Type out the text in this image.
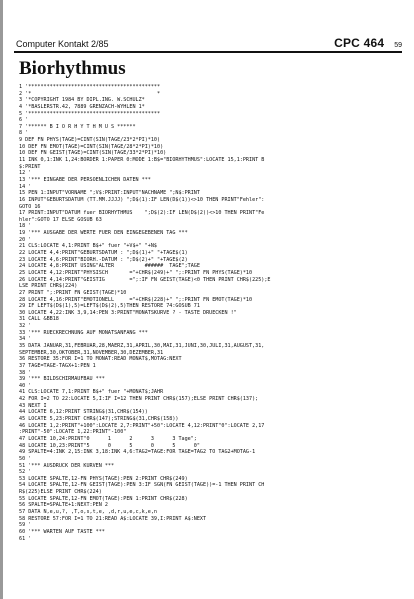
Computer Kontakt 2/85	CPC 464 59
Biorhythmus
1 '*******************************************
2 '*                                         *
3 '*COPYRIGHT 1984 BY DIPL.ING. W.SCHULZ*
4 '*BASLERSTR.42, 7889 GRENZACH-WYHLEN 1*
5 '*******************************************
6 '
7 '****** B I O R H Y T H M U S ******
8 '
9 DEF FN PHYS(TAGE)=CINT(SIN(TAGE/23*2*PI)*10)
10 DEF FN EMOT(TAGE)=CINT(SIN(TAGE/28*2*PI)*10)
10 DEF FN GEIST(TAGE)=CINT(SIN(TAGE/33*2*PI)*10)
11 INK 0,1:INK 1,24:BORDER 1:PAPER 0:MODE 1:B$="BIORHYTHMUS":LOCATE 15,1:PRINT B
$:PRINT
12 '
13 '*** EINGABE DER PERSOENLICHEN DATEN ***
14 '
15 PEN 1:INPUT"VORNAME ";V$:PRINT:INPUT"NACHNAME ";N$:PRINT
16 INPUT"GEBURTSDATUM (TT.MM.JJJJ) ";D$(1):IF LEN(D$(1))<>10 THEN PRINT"Fehler":
GOTO 16
17 PRINT:INPUT"DATUM fuer BIORHYTHMUS    ";D$(2):IF LEN(D$(2))<>10 THEN PRINT"Fe
hler":GOTO 17 ELSE GOSUB 63
18 '
19 '*** AUSGABE DER WERTE FUER DEN EINGEGEBENEN TAG ***
20 '
21 CLS:LOCATE 4,1:PRINT B$+" fuer "+V$+" "+N$
22 LOCATE 4,4:PRINT"GEBURTSDATUM : ";D$(1)+" "+TAGE$(1)
23 LOCATE 4,6:PRINT"BIORH.-DATUM : ";D$(2)+" "+TAGE$(2)
24 LOCATE 4,8:PRINT USING"ALTER          ######  TAGE";TAGE
25 LOCATE 4,12:PRINT"PHYSISCH       ="+CHR$(249)+" ";:PRINT FN PHYS(TAGE)*10
26 LOCATE 4,14:PRINT"GEISTIG        =";:IF FN GEIST(TAGE)<0 THEN PRINT CHR$(225);E
LSE PRINT CHR$(224)
27 PRINT ";:PRINT FN GEIST(TAGE)*10
28 LOCATE 4,16:PRINT"EMOTIONELL     ="+CHR$(228)+" ";:PRINT FN EMOT(TAGE)*10
29 IF LEFT$(D$(1),5)=LEFT$(D$(2),5)THEN RESTORE 74:GOSUB 71
30 LOCATE 4,22:INK 3,9,14:PEN 3:PRINT"MONATSKURVE ? - TASTE DRUECKEN !"
31 CALL &BB18
32 '
33 '*** RUECKRECHNUNG AUF MONATSANFANG ***
34 '
35 DATA JANUAR,31,FEBRUAR,28,MAERZ,31,APRIL,30,MAI,31,JUNI,30,JULI,31,AUGUST,31,
SEPTEMBER,30,OKTOBER,31,NOVEMBER,30,DEZEMBER,31
36 RESTORE 35:FOR I=1 TO MONAT:READ MONAT$,MOTAG:NEXT
37 TAGE=TAGE-TAGX+1:PEN 1
38 '
39 '*** BILDSCHIRMAUFBAU ***
40 '
41 CLS:LOCATE 7,1:PRINT B$+" fuer "+MONAT$;JAHR
42 FOR I=2 TO 22:LOCATE 5,I:IF I=12 THEN PRINT CHR$(157);ELSE PRINT CHR$(137);
43 NEXT I
44 LOCATE 6,12:PRINT STRING$(31,CHR$(154))
45 LOCATE 5,23:PRINT CHR$(147);STRING$(31,CHR$(158))
46 LOCATE 1,2:PRINT"+100":LOCATE 2,7:PRINT"+50":LOCATE 4,12:PRINT"0":LOCATE 2,17
:PRINT"-50":LOCATE 1,22:PRINT"-100"
47 LOCATE 10,24:PRINT"0      1      2      3      3 Tage";
48 LOCATE 10,23:PRINT"5      0      5      0      5      0"
49 SPALTE=4:INK 2,15:INK 3,18:INK 4,6:TAG2=TAGE:FOR TAGE=TAG2 TO TAG2+MOTAG-1
50 '
51 '*** AUSDRUCK DER KURVEN ***
52 '
53 LOCATE SPALTE,12-FN PHYS(TAGE):PEN 2:PRINT CHR$(249)
54 LOCATE SPALTE,12-FN GEIST(TAGE):PEN 3:IF SGN(FN GEIST(TAGE))=-1 THEN PRINT CH
R$(225)ELSE PRINT CHR$(224)
55 LOCATE SPALTE,12-FN EMOT(TAGE):PEN 1:PRINT CHR$(228)
56 SPALTE=SPALTE+1:NEXT:PEN 2
57 DATA N,e,u,?, ,T,o,s,t,e, ,d,r,u,e,c,k,e,n
58 RESTORE 57:FOR I=1 TO 21:READ A$:LOCATE 39,I:PRINT A$:NEXT
59 '
60 '*** WARTEN AUF TASTE ***
61 '
